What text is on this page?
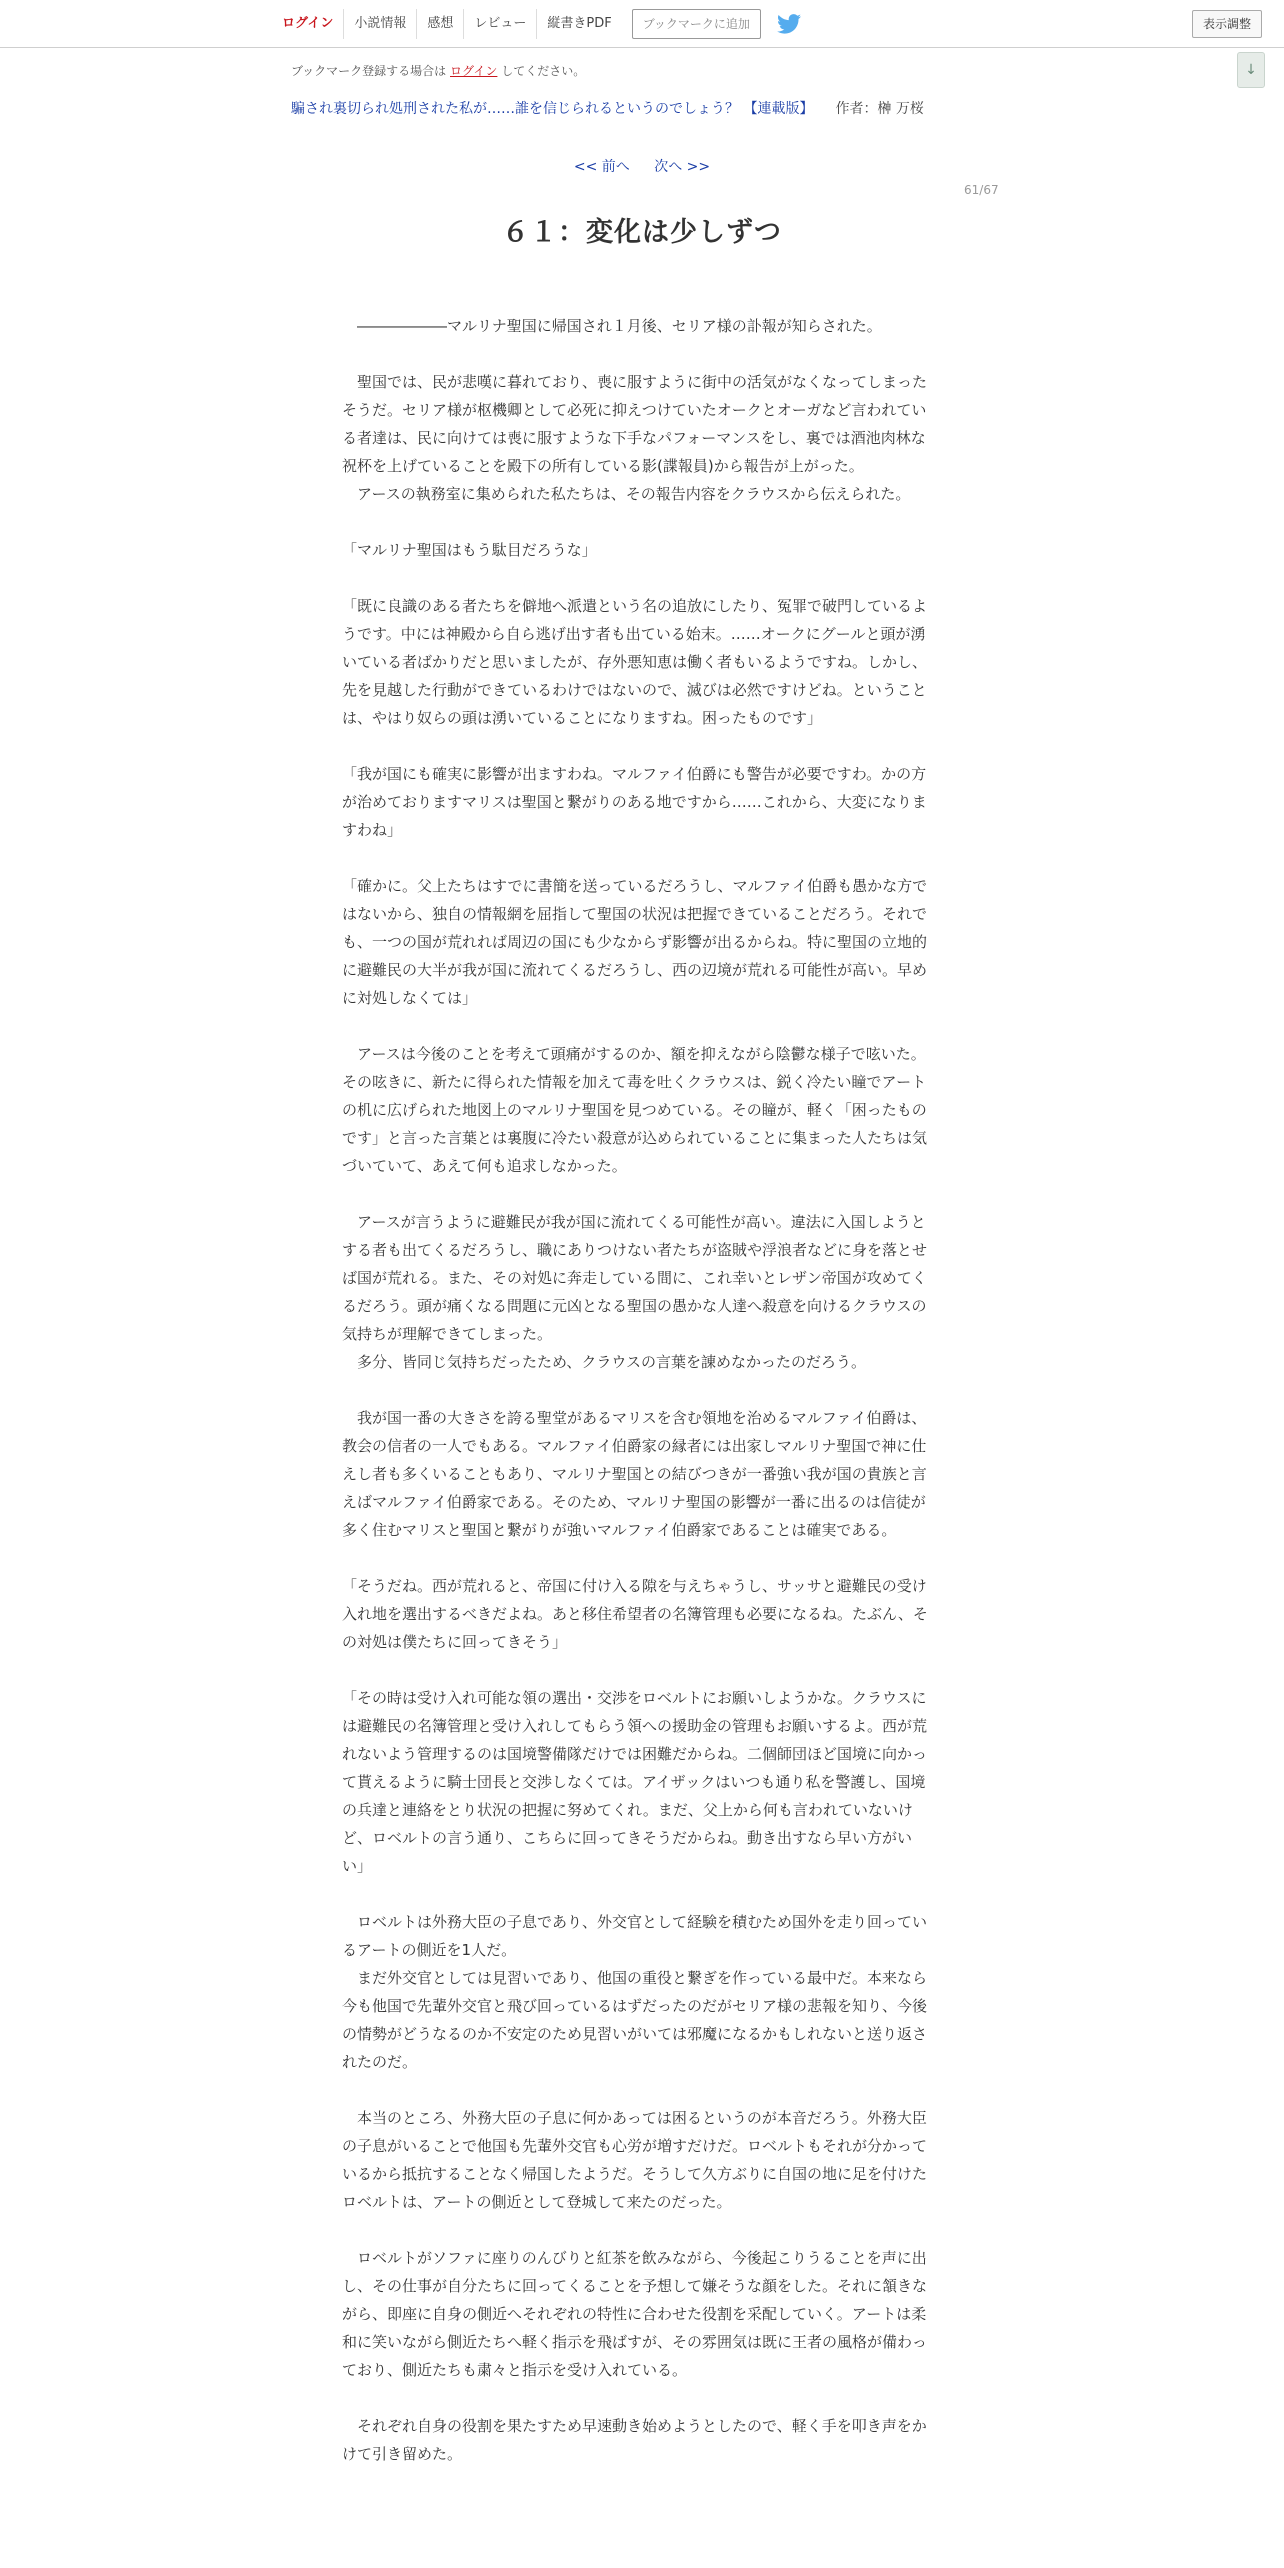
ログイン	小説情報	感想	レビュー	縦書きPDF	ブックマークに追加	表示調整
↓
ブックマーク登録する場合は ログイン してください。
騙され裏切られ処刑された私が……誰を信じられるというのでしょう？ 【連載版】 作者：榊 万桜
<< 前へ 次へ >>
61/67
６１：変化は少しずつ

　――――――マルリナ聖国に帰国され１月後、セリア様の訃報が知らされた。

　聖国では、民が悲嘆に暮れており、喪に服すように街中の活気がなくなってしまったそうだ。セリア様が枢機卿として必死に抑えつけていたオークとオーガなど言われている者達は、民に向けては喪に服すような下手なパフォーマンスをし、裏では酒池肉林な祝杯を上げていることを殿下の所有している影(諜報員)から報告が上がった。

　アースの執務室に集められた私たちは、その報告内容をクラウスから伝えられた。

「マルリナ聖国はもう駄目だろうな」

「既に良識のある者たちを僻地へ派遣という名の追放にしたり、冤罪で破門しているようです。中には神殿から自ら逃げ出す者も出ている始末。……オークにグールと頭が湧いている者ばかりだと思いましたが、存外悪知恵は働く者もいるようですね。しかし、先を見越した行動ができているわけではないので、滅びは必然ですけどね。ということは、やはり奴らの頭は湧いていることになりますね。困ったものです」

「我が国にも確実に影響が出ますわね。マルファイ伯爵にも警告が必要ですわ。かの方が治めておりますマリスは聖国と繋がりのある地ですから……これから、大変になりますわね」

「確かに。父上たちはすでに書簡を送っているだろうし、マルファイ伯爵も愚かな方ではないから、独自の情報網を屈指して聖国の状況は把握できていることだろう。それでも、一つの国が荒れれば周辺の国にも少なからず影響が出るからね。特に聖国の立地的に避難民の大半が我が国に流れてくるだろうし、西の辺境が荒れる可能性が高い。早めに対処しなくては」

　アースは今後のことを考えて頭痛がするのか、額を抑えながら陰鬱な様子で呟いた。その呟きに、新たに得られた情報を加えて毒を吐くクラウスは、鋭く冷たい瞳でアートの机に広げられた地図上のマルリナ聖国を見つめている。その瞳が、軽く「困ったものです」と言った言葉とは裏腹に冷たい殺意が込められていることに集まった人たちは気づいていて、あえて何も追求しなかった。

　アースが言うように避難民が我が国に流れてくる可能性が高い。違法に入国しようとする者も出てくるだろうし、職にありつけない者たちが盗賊や浮浪者などに身を落とせば国が荒れる。また、その対処に奔走している間に、これ幸いとレザン帝国が攻めてくるだろう。頭が痛くなる問題に元凶となる聖国の愚かな人達へ殺意を向けるクラウスの気持ちが理解できてしまった。

　多分、皆同じ気持ちだったため、クラウスの言葉を諌めなかったのだろう。

　我が国一番の大きさを誇る聖堂があるマリスを含む領地を治めるマルファイ伯爵は、教会の信者の一人でもある。マルファイ伯爵家の縁者には出家しマルリナ聖国で神に仕えし者も多くいることもあり、マルリナ聖国との結びつきが一番強い我が国の貴族と言えばマルファイ伯爵家である。そのため、マルリナ聖国の影響が一番に出るのは信徒が多く住むマリスと聖国と繋がりが強いマルファイ伯爵家であることは確実である。

「そうだね。西が荒れると、帝国に付け入る隙を与えちゃうし、サッサと避難民の受け入れ地を選出するべきだよね。あと移住希望者の名簿管理も必要になるね。たぶん、その対処は僕たちに回ってきそう」

「その時は受け入れ可能な領の選出・交渉をロベルトにお願いしようかな。クラウスには避難民の名簿管理と受け入れしてもらう領への援助金の管理もお願いするよ。西が荒れないよう管理するのは国境警備隊だけでは困難だからね。二個師団ほど国境に向かって貰えるように騎士団長と交渉しなくては。アイザックはいつも通り私を警護し、国境の兵達と連絡をとり状況の把握に努めてくれ。まだ、父上から何も言われていないけど、ロベルトの言う通り、こちらに回ってきそうだからね。動き出すなら早い方がいい」

　ロベルトは外務大臣の子息であり、外交官として経験を積むため国外を走り回っているアートの側近を1人だ。

　まだ外交官としては見習いであり、他国の重役と繋ぎを作っている最中だ。本来なら今も他国で先輩外交官と飛び回っているはずだったのだがセリア様の悲報を知り、今後の情勢がどうなるのか不安定のため見習いがいては邪魔になるかもしれないと送り返されたのだ。

　本当のところ、外務大臣の子息に何かあっては困るというのが本音だろう。外務大臣の子息がいることで他国も先輩外交官も心労が増すだけだ。ロベルトもそれが分かっているから抵抗することなく帰国したようだ。そうして久方ぶりに自国の地に足を付けたロベルトは、アートの側近として登城して来たのだった。

　ロベルトがソファに座りのんびりと紅茶を飲みながら、今後起こりうることを声に出し、その仕事が自分たちに回ってくることを予想して嫌そうな顔をした。それに頷きながら、即座に自身の側近へそれぞれの特性に合わせた役割を采配していく。アートは柔和に笑いながら側近たちへ軽く指示を飛ばすが、その雰囲気は既に王者の風格が備わっており、側近たちも粛々と指示を受け入れている。

　それぞれ自身の役割を果たすため早速動き始めようとしたので、軽く手を叩き声をかけて引き留めた。
